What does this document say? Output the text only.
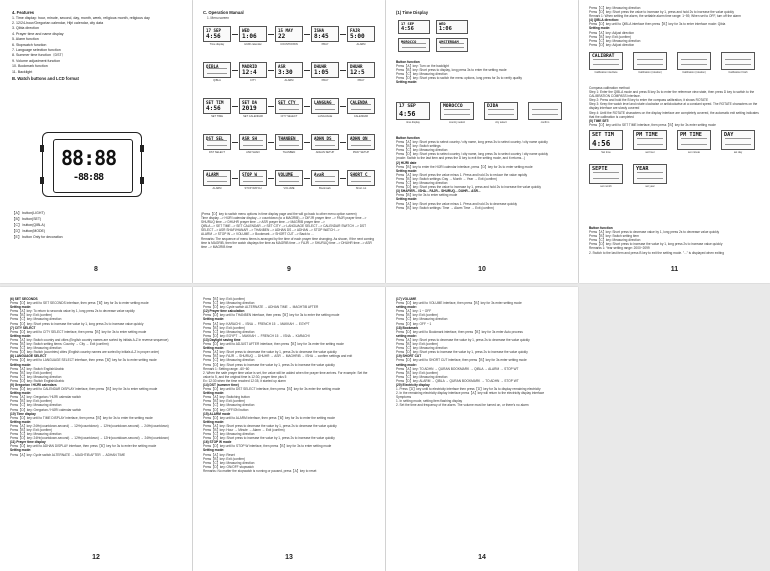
4. Features
1. Time display: hour, minute, second, day, month, week, religious month, religious day
2. 12/24-hour/Gregorian calendar, Hijri calendar, city data
3. Qibla direction
4. Prayer time and name display
5. Alarm function
6. Stopwatch function
7. Language selection function
8. Summer time function（DST）
9. Volume adjustment function
10. Bookmark function
11. Backlight
B. Watch buttons and LCD format
88:88
-88:88
【A】 button(LIGHT)
【B】 button(SET)
【C】 button(QIBLA)
【D】 button(MODE)
【E】 button Only for decoration
8
C. Operation Manual
1. Menu screen
17 SEP
4:56
Time display
WED
1:06
HIJRI calendar
15 MAY
22
COUNTDOWN
ISHA
8:45
PRAY
FAJR
5:00
ALARM
QIBLA
QIBLA
MADRID
12:4
CITY
ASR
3:30
ALARM
DHUHR
1:05
PRAY
DHUHR
12:5
PRAY
SET TIM
4:56
SET TIME
SET DA
2019
SET CALENDAR
SET CTY
CITY SELECT
LANGUAG
LANGUAGE
CALENDA
CALENDAR
DST SEL
DST SELECT
ASR SH
ASR SHAFI
THANBEN
THANBEN
ADHN DS
ADHAN SETUP
ADHN ON
PRAY SETUP
ALARM
ALARM
STOP W
STOP WATCH
VOLUME
VOLUME
AyaR
Bookmark
SHORT C
Short cut
(Press【D】key to switch menu options in time display page and the will go back to other menu option screen)
Time display --> HIJRI calendar display --> countdown (to a MAGRIB) --> DIFJR prayer time --> PAJR prayer time --> SHURUQ time --> DHUHR prayer time --> ASR prayer time --> MAGRIB prayer time -->
QIBLA --> SET TIME --> SET CALENDAR --> SET CITY --> LANGUAGE SELECT --> CALENDAR SWITCH --> DST SELECT --> ASR SHAFI/HANAFI --> THANBEN --> ADHAN DS --> ADHAN --> STOP WATCH -->
ALARM --> STOP W --> VOLUME --> Bookmark --> SHORT CUT --> Back to ...
Remarks: The sequence of menu items is arranged by the time of each prayer time changing. As shown, if the next coming time is MAGRIB, then the watch displays the time as MAGRIB time --> FAJR --> SHURUQ time --> DHUHR time --> ASR time --> MAGRIB time
9
(1) Time Display
17 SEP
4:56
WED
1:06
MOROCCO	AMSTERDAM
Button function
Press【A】key: Turn on the backlight
Press【B】key: Short press to display, long press 3s to enter the setting mode
Press【C】key: Measuring direction
Press【D】key: Short press to switch the menu options, long press for 3s to verify quality
Setting mode:
17 SEP
4:56
time display
MOROCCO
country select
DJDA
city select	confirm
Button function
Press【A】key: Short press to select country / city name, long press 3s to select country / city name quickly
Press【B】key: Switch settings
Press【C】key: Measuring direction
Press【D】key: Short press to select country / city name, long press 3s to select country / city name quickly
(mode: Switch to the last item and press the D key to exit the setting mode, and it returns...)
(2) HIJRI date
Press【B】key to enter the HIJRI calendar interface, press【D】key for 3s to enter setting mode
Setting mode:
Press【A】key: Short press the value minus 1. Press and hold 2s to reduce the value rapidly
Press【B】key: Switch settings: Day → Month → Year → Exit (confirm)
Press【C】key: Measuring direction
Press【D】key: Short press the value to increase by 1, press and hold 2s to increase the value quickly
(3) SHAFIER... ISHA... FAJR... SHURUQ... DUHR... ASR...
Press【B】key for 3s to enter setting mode
Setting mode:
Press【A】key: Short press the value minus 1. Press and hold 2s to decrease quickly
Press【B】key: Switch settings: Time → Alarm Time → Exit (confirm)
10
Press【C】key: Measuring direction
Press【D】key: Short press the value to increase by 1, press and hold 2s to increase the value quickly
Remark 1: When setting the alarm, the settable alarm time range: 1~59, When set to OFF, turn off the alarm
(4) QIBLA direction:
Press【D】key until to QIBLA interface then press【B】key for 3s to enter interface mode: Qibla
Setting mode:
Press【A】key: Adjust direction
Press【B】key: Exit (confirm)
Press【C】key: Measuring direction
Press【D】key: Adjust direction
CALIBRAT
Calibration interface	Calibration (rotation)	Calibration (rotation)	Calibration finish
Compass calibration method:
Step 1: Enter the QIBLA mode and press B key 3s to enter the reference view state, then press D key to switch to the CALIBRATION COMPASS interface.
Step 2: Press and hold the B key to enter the compass calibration, it shows ROTATE
Step 3: Keep the watch level and rotate clockwise or anticlockwise at a constant speed. The ROTATE characters on the display interface are slowly covered
Step 4: Until the ROTATE characters on the display interface are completely covered, the automatic exit setting indicates that the calibration is completed
(5) TIME SET:
Press【D】key until to SET TIME interface, then press【B】key for 3s enter setting mode
SET TIM
4:56
Set time
PM TIME
set hour
PM TIME
set minute
DAY
set day
SEPTE
set month
YEAR
set year
Button function
Press【A】key: Short press to decrease value by 1, long press 2s to decrease value quickly
Press【B】key: Switch setting item
Press【C】key: Measuring direction
Press【D】key: Short press to increase the value by 1, long press 2s to increase value quickly
Remarks 1: Year setting range: 2000~2099
2. Switch to the last item and press B key to exit the setting mode. "..." is displayed when exiting
11
(6) SET SECONDS
Press【D】key until to SET SECONDS interface, then press【B】key for 3s to enter setting mode
Setting mode:
Press【A】key: To return to seconds value by 1, long press 2s to decrease value rapidly
Press【B】key: Exit (confirm)
Press【C】key: Measuring direction
Press【D】key: Short press to increase the value by 1, long press 2s to increase value quickly
(7) CITY SELECT
Press【D】key until to CITY SELECT interface, then press【B】key for 3s to enter setting mode
Setting mode:
Press【A】key: Switch country and cities (English country names are sorted by initials A-Z in reverse sequence)
Press【B】key: Switch setting items: Country → City → Exit (confirm)
Press【C】key: Measuring direction
Press【D】key: Switch (countries) cities (English country names are sorted by initials A-Z in proper order)
(8) LANGUAGE SELECT
Press【D】key until to LANGUAGE SELECT interface, then press【B】key for 3s to enter setting mode
Setting mode:
Press【A】key: Switch English/Arabic
Press【B】key: Exit (confirm)
Press【C】key: Measuring direction
Press【D】key: Switch English/Arabic
(9) Gregorian / HIJRI calendars
Press【D】key until to CALENDAR DISPLAY interface, then press【B】key for 3s to enter setting mode
Setting mode:
Press【A】key: Gregorian / HIJRI calendar switch
Press【B】key: Exit (confirm)
Press【C】key: Measuring direction
Press【D】key: Gregorian / HIJRI calendar switch
(10) Time display
Press【D】key until to TIME DISPLAY interface, then press【B】key for 3s to enter the setting mode
Setting mode:
Press【A】key: 24Hr(countdown-second) → 12Hr(countdown) → 12Hr(countdown-second) → 24Hr(countdown)
Press【B】key: Exit (confirm)
Press【C】key: Measuring direction
Press【D】key: 24Hr(countdown-second) → 12Hr(countdown) → 12Hr(countdown-second) → 24Hr(countdown)
(11) Prayer time display
Press【D】key until to ADHAN DISPLAY interface, then press【B】key for 3s to enter the setting mode
Setting mode:
Press【A】key: Cycle switch ALTERNATE → MAGHTIB AFTER → ADHAN TIME
12
Press【B】key: Exit (confirm)
Press【C】key: Measuring direction
Press【D】key: Cycle switch ALTERNATE → ADHAN TIME → MAGHTIB AFTER
(12) Prayer time calculation
Press【D】key until to THANBEN interface, then press【B】key for 3s to enter the setting mode
Setting mode:
Press【A】key: KARACHI → ISNA → FRENCH 15 → MAKKAH → EGYPT
Press【B】key: Exit (confirm)
Press【C】key: Measuring direction
Press【D】key: EGYPT → MAKKAH → FRENCH 15 → ISNA → KARACHI
(13) Daylight saving time
Press【D】key until to ADJUST AFTER interface, then press【B】key for 3s enter the setting mode
Setting mode:
Press【A】key: Short press to decrease the value by 1, press 2s to decrease the value quickly
Press【B】key: FAJR → SHURUQ → DHUHR → ASR → MAGHRIB → ISHA → confirm settings and exit
Press【C】key: Measuring direction
Press【D】key: Short press to increase the value by 1, press 2s to increase the value quickly
Remark 1: Setting range: -60~60
2. When the safe prayer time value is set, the value will be added when the prayer time arrives. For example: Set the value to 5, and the original time is 12:30, prayer time plus 5
Ex: 12:30 when the time reached 12:35, it started up alarm
(14) DST (summer time)
Press【D】key until to DST SELECT interface, then press【B】key for 3s enter the setting mode
Setting mode:
Press【A】key: Switching button
Press【B】key: Exit (confirm)
Press【C】key: Measuring direction
Press【D】key: OFF/ON button
(15) ALARM mode
Press【D】key until to ALARM interface, then press【B】key for 3s to enter the setting mode
Setting mode:
Press【A】key: Short press to decrease the value by 1, press 2s to decrease the value quickly
Press【B】key: Hour → Minute → Alarm → Exit (confirm)
Press【C】key: Measuring direction
Press【D】key: Short press to increase the value by 1, press 2s to increase the value quickly
(16) STOP W mode
Press【D】key until to STOP W interface, then press【B】key for 3s to enter setting mode
Setting mode:
Press【A】key: Reset
Press【B】key: Exit (confirm)
Press【C】key: Measuring direction
Press【D】key: ON/OFF stopwatch
Remarks: No matter the stopwatch is running or paused, press【A】key to reset
13
(17) VOLUME
Press【D】key until to VOLUME interface, then press【B】key for 3s enter setting mode
setting mode:
Press【A】key: 1 ~ OFF
Press【B】key: Exit (confirm)
Press【C】key: Measuring direction
Press【D】key: OFF ~ 1
(18) Bookmark
Press【D】key until to Bookmark interface, then press【B】key for 3s enter Auto process
setting mode:
Press【A】key: Short press to decrease the value by 1, press 2s to decrease the value quickly
Press【B】key: Exit (confirm)
Press【C】key: Measuring direction
Press【D】key: Short press to increase the value by 1, press 2s to increase the value quickly
(19) SHORT CUT
Press【D】key until to SHORT CUT interface, then press【B】key for 3s enter setting mode
setting mode:
Press【A】key: TO ADHN → QURAN BOOKMARK → QIBLA → ALARM → STOP WT
Press【B】key: Exit (confirm)
Press【C】key: Measuring direction
Press【D】key: ALARM → QIBLA → QURAN BOOKMARK → TO ADHN → STOP WT
(20) Electricity display
1. Press【D】key until to electricity interface then press【D】key for 3s to display remaining electricity
2. In the remaining electricity display interface press【A】key will return to the electricity display interface
Symptoms
1. In setting mode, setting item flashing display
2. Set the time and frequency of the alarm. The volume must be turned on, or there's no alarm
14
